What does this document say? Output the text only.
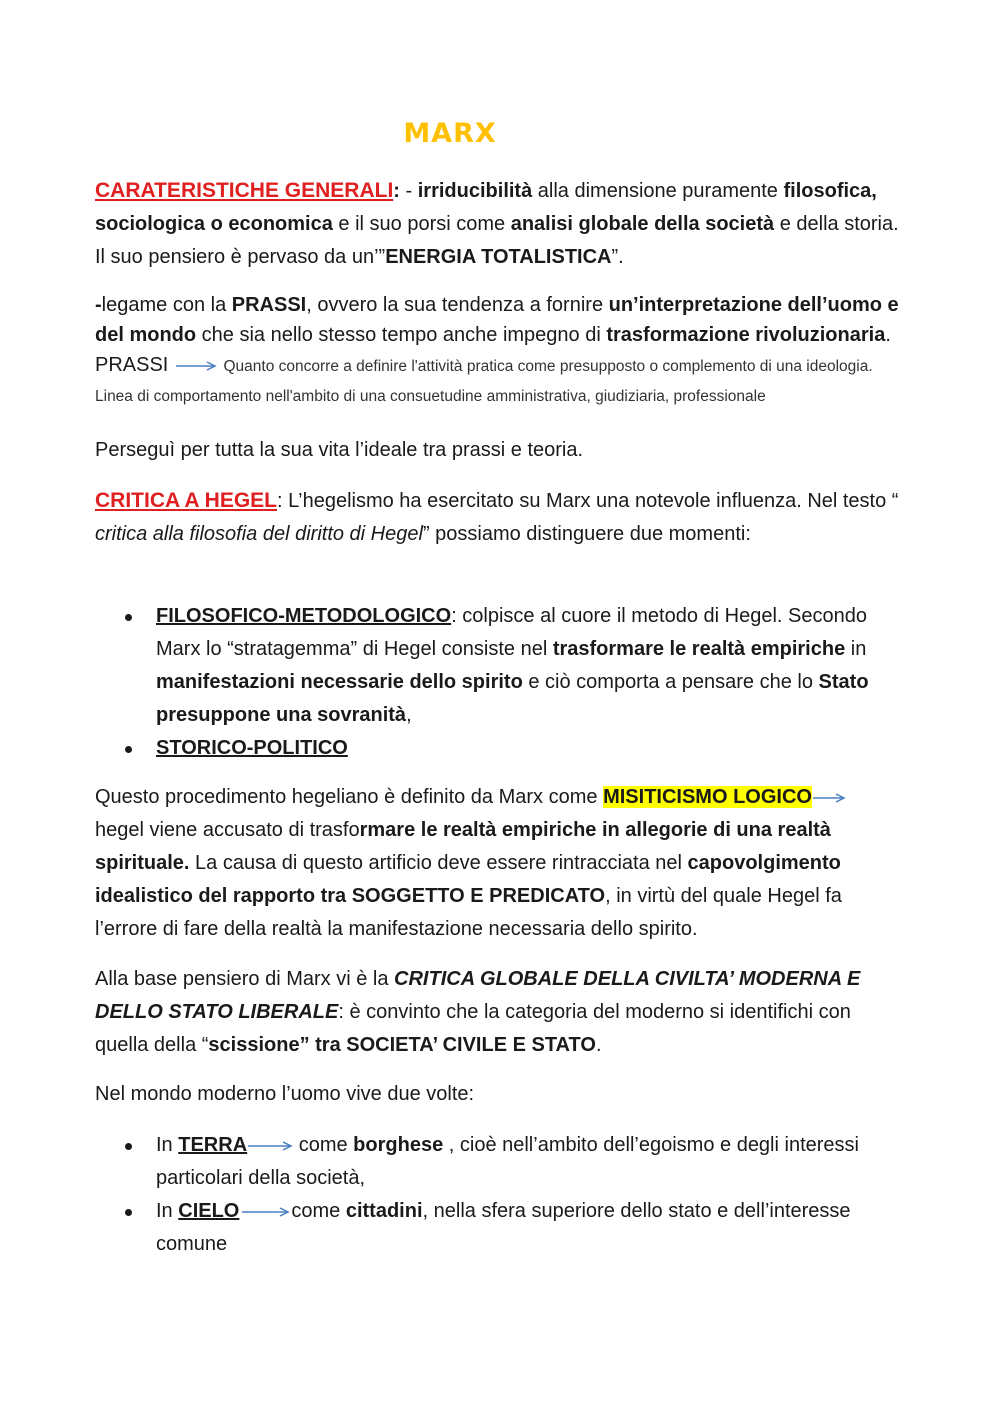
MARX
CARATERISTICHE GENERALI: - irriducibilità alla dimensione puramente filosofica, sociologica o economica e il suo porsi come analisi globale della società e della storia. Il suo pensiero è pervaso da un’”ENERGIA TOTALISTICA”.
-legame con la PRASSI, ovvero la sua tendenza a fornire un’interpretazione dell’uomo e del mondo che sia nello stesso tempo anche impegno di trasformazione rivoluzionaria. PRASSI	Quanto concorre a definire l'attività pratica come presupposto o complemento di una ideologia. Linea di comportamento nell'ambito di una consuetudine amministrativa, giudiziaria, professionale
Perseguì per tutta la sua vita l’ideale tra prassi e teoria.
CRITICA A HEGEL: L’hegelismo ha esercitato su Marx una notevole influenza. Nel testo “ critica alla filosofia del diritto di Hegel” possiamo distinguere due momenti:
FILOSOFICO-METODOLOGICO: colpisce al cuore il metodo di Hegel. Secondo Marx lo “stratagemma” di Hegel consiste nel trasformare le realtà empiriche in manifestazioni necessarie dello spirito e ciò comporta a pensare che lo Stato presuppone una sovranità,
STORICO-POLITICO
Questo procedimento hegeliano è definito da Marx come MISITICISMO LOGICO hegel viene accusato di trasformare le realtà empiriche in allegorie di una realtà spirituale. La causa di questo artificio deve essere rintracciata nel capovolgimento idealistico del rapporto tra SOGGETTO E PREDICATO, in virtù del quale Hegel fa l’errore di fare della realtà la manifestazione necessaria dello spirito.
Alla base pensiero di Marx vi è la CRITICA GLOBALE DELLA CIVILTA’ MODERNA E DELLO STATO LIBERALE: è convinto che la categoria del moderno si identifichi con quella della “scissione” tra SOCIETA’ CIVILE E STATO.
Nel mondo moderno l’uomo vive due volte:
In TERRA come borghese , cioè nell’ambito dell’egoismo e degli interessi particolari della società,
In CIELO	come cittadini, nella sfera superiore dello stato e dell’interesse comune
